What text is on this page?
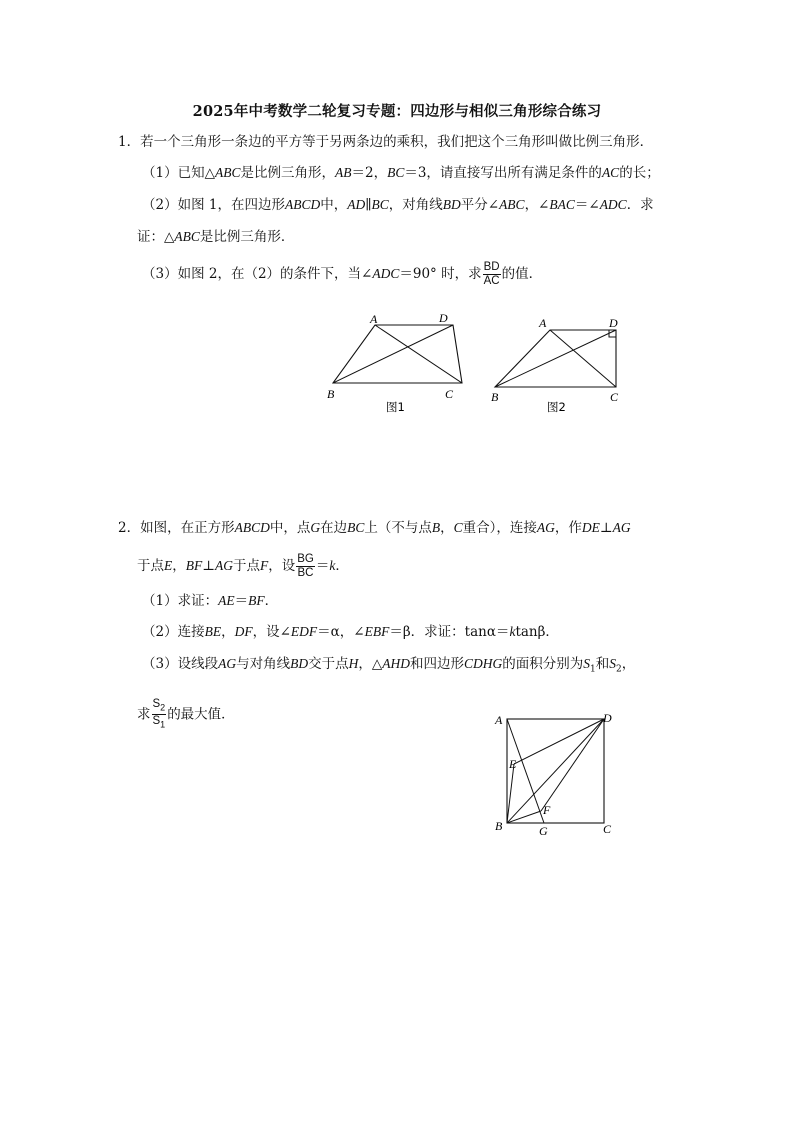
2025年中考数学二轮复习专题：四边形与相似三角形综合练习
1．若一个三角形一条边的平方等于另两条边的乘积，我们把这个三角形叫做比例三角形．
（1）已知△ABC是比例三角形，AB＝2，BC＝3，请直接写出所有满足条件的AC的长；
（2）如图 1，在四边形ABCD中，AD∥BC，对角线BD平分∠ABC，∠BAC＝∠ADC．求
证：△ABC是比例三角形．
（3）如图 2，在（2）的条件下，当∠ADC＝90° 时，求 $\frac{BD}{AC}$ 的值．
A	D
B	C
图1
A	D
B	C
图2
2．如图，在正方形ABCD中，点G在边BC上（不与点B，C重合），连接AG，作DE⊥AG
于点E，BF⊥AG于点F，设 $\frac{BG}{BC} =k$．
（1）求证：AE＝BF．
（2）连接BE，DF，设∠EDF＝α，∠EBF＝β．求证：tanα＝ktanβ．
（3）设线段AG与对角线BD交于点H，△AHD和四边形CDHG的面积分别为$S_1$和$S_2$，
求 $\frac{S_2}{S_1}$ 的最大值．	A	D
E
F
B	G	C
